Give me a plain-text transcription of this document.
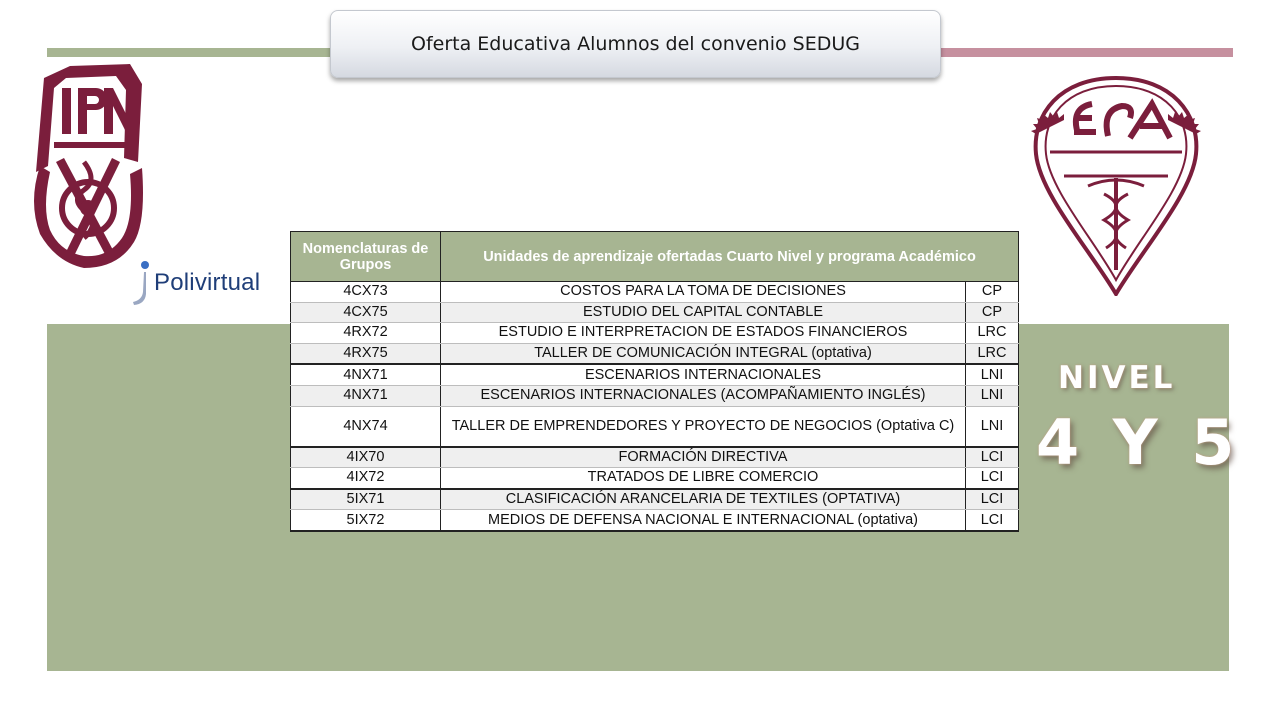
Oferta Educativa Alumnos del convenio SEDUG
Polivirtual
NIVEL
4 Y 5
Nomenclaturas de Grupos	Unidades de aprendizaje ofertadas Cuarto Nivel y programa Académico	
4CX73	COSTOS PARA LA TOMA DE DECISIONES	CP
4CX75	ESTUDIO DEL CAPITAL CONTABLE	CP
4RX72	ESTUDIO E INTERPRETACION DE ESTADOS FINANCIEROS	LRC
4RX75	TALLER DE COMUNICACIÓN INTEGRAL (optativa)	LRC
4NX71	ESCENARIOS INTERNACIONALES	LNI
4NX71	ESCENARIOS INTERNACIONALES (ACOMPAÑAMIENTO INGLÉS)	LNI
4NX74	TALLER DE EMPRENDEDORES Y PROYECTO DE NEGOCIOS (Optativa C)	LNI
4IX70	FORMACIÓN DIRECTIVA	LCI
4IX72	TRATADOS DE LIBRE COMERCIO	LCI
5IX71	CLASIFICACIÓN ARANCELARIA DE TEXTILES (OPTATIVA)	LCI
5IX72	MEDIOS DE DEFENSA NACIONAL E INTERNACIONAL (optativa)	LCI
